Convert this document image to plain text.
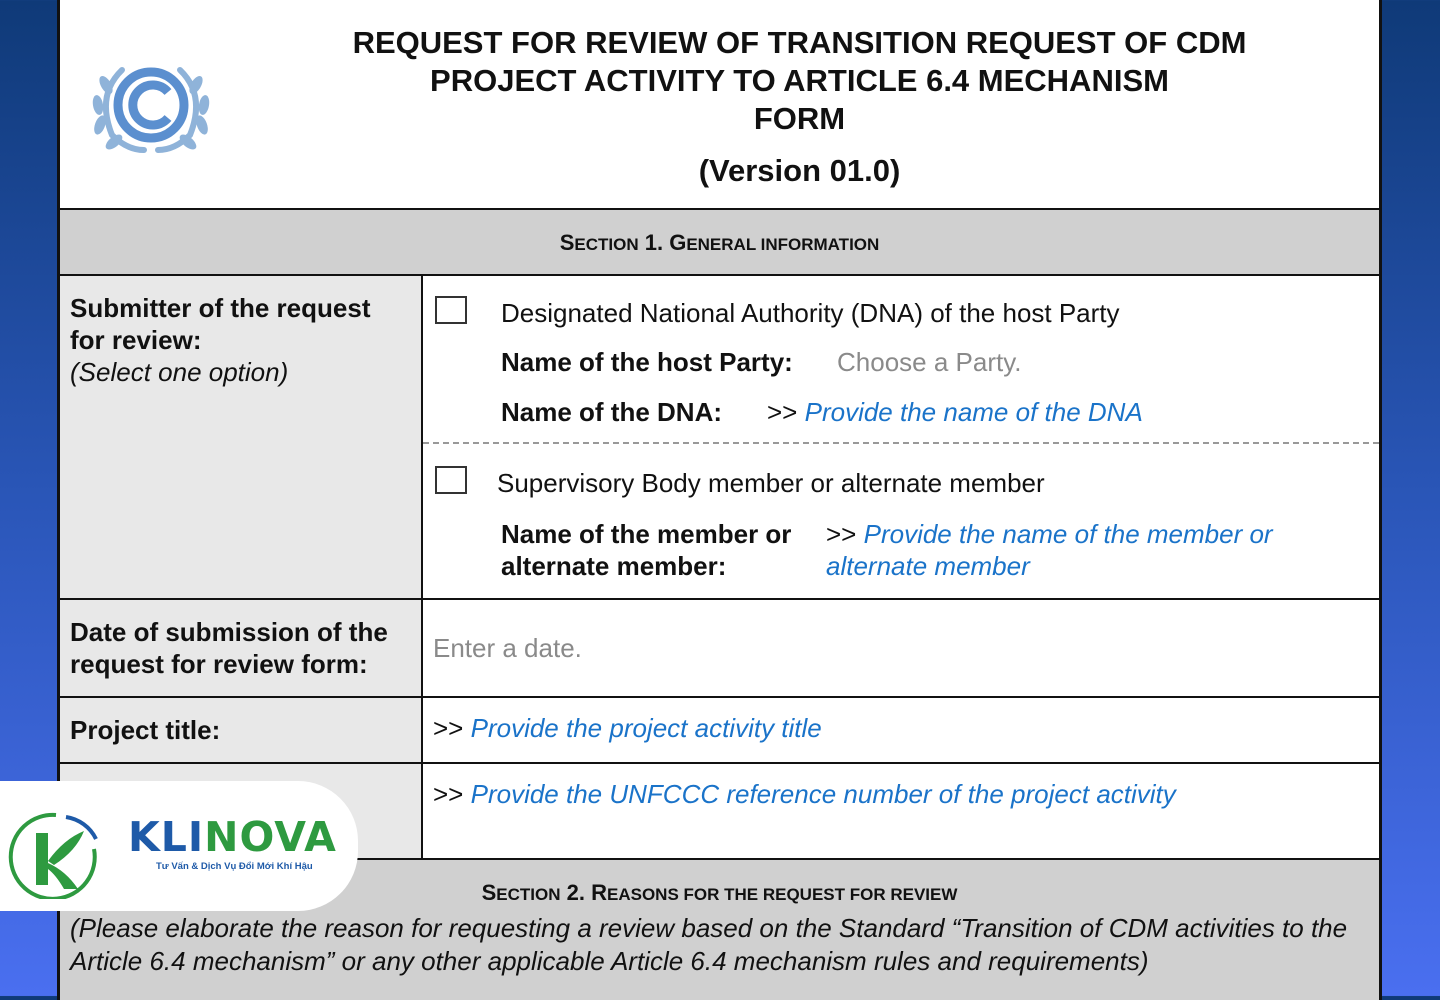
REQUEST FOR REVIEW OF TRANSITION REQUEST OF CDM
PROJECT ACTIVITY TO ARTICLE 6.4 MECHANISM
FORM
(Version 01.0)
SECTION 1. GENERAL INFORMATION
Submitter of the request for review:
(Select one option)
Designated National Authority (DNA) of the host Party
Name of the host Party: Choose a Party.
Name of the DNA: >> Provide the name of the DNA
Supervisory Body member or alternate member
Name of the member or alternate member:
>> Provide the name of the member or alternate member
Date of submission of the request for review form:
Enter a date.
Project title:	>> Provide the project activity title
>> Provide the UNFCCC reference number of the project activity
SECTION 2. REASONS FOR THE REQUEST FOR REVIEW
(Please elaborate the reason for requesting a review based on the Standard “Transition of CDM activities to the Article 6.4 mechanism” or any other applicable Article 6.4 mechanism rules and requirements)
KLINOVA
Tư Vấn & Dịch Vụ Đổi Mới Khí Hậu
